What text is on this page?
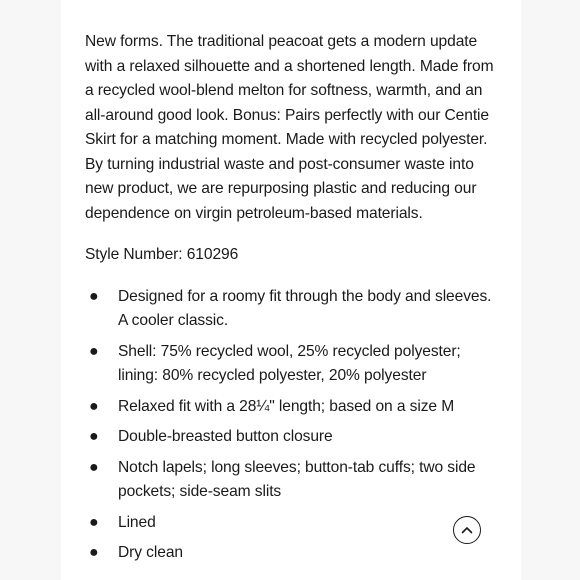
New forms. The traditional peacoat gets a modern update with a relaxed silhouette and a shortened length. Made from a recycled wool-blend melton for softness, warmth, and an all-around good look. Bonus: Pairs perfectly with our Centie Skirt for a matching moment. Made with recycled polyester. By turning industrial waste and post-consumer waste into new product, we are repurposing plastic and reducing our dependence on virgin petroleum-based materials.

Style Number: 610296

● Designed for a roomy fit through the body and sleeves. A cooler classic.
● Shell: 75% recycled wool, 25% recycled polyester; lining: 80% recycled polyester, 20% polyester
● Relaxed fit with a 28¼" length; based on a size M
● Double-breasted button closure
● Notch lapels; long sleeves; button-tab cuffs; two side pockets; side-seam slits
● Lined
● Dry clean
